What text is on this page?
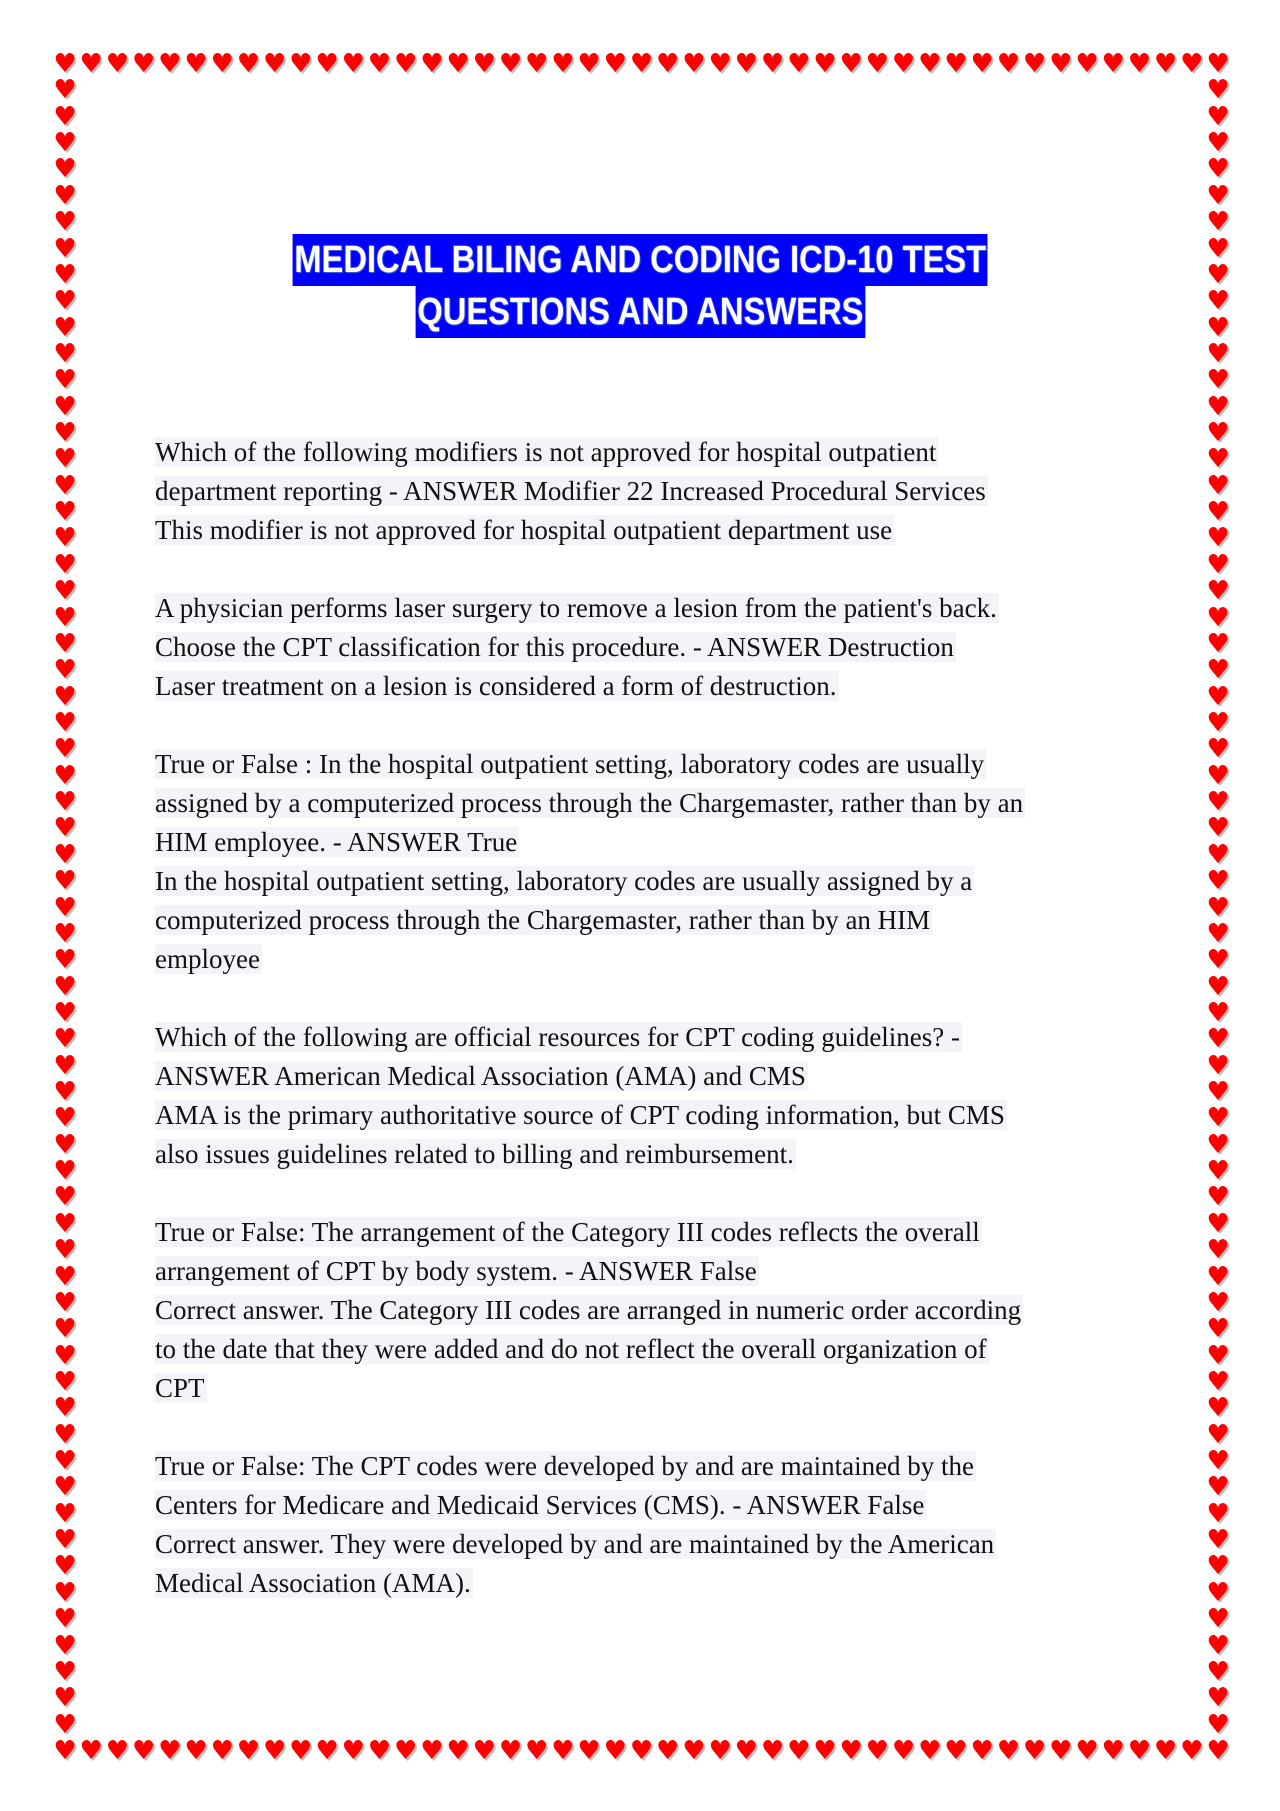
♥
♥
♥
♥
♥
♥
♥
♥
♥
♥
♥
♥
♥
♥
♥
♥
♥
♥
♥
♥
♥
♥
♥
♥
♥
♥
♥
♥
♥
♥
♥
♥
♥
♥
♥
♥
♥
♥
♥
♥
♥
♥
♥
♥
♥
♥
♥
♥
♥
♥
♥
♥
♥
♥
♥
♥
♥
♥
♥
♥
♥
♥
♥
♥
♥
♥
♥
♥
♥
♥
♥
♥
♥
♥
♥
♥
♥
♥
♥
♥
♥
♥
♥
♥
♥
♥
♥
♥
♥
♥
♥	♥
♥	♥
♥	♥
♥	♥
♥	♥
♥	♥
♥	♥
♥	♥
♥	♥
♥	♥
♥	♥
♥	♥
♥	♥
♥	♥
♥	♥
♥	♥
♥	♥
♥	♥
♥	♥
♥	♥
♥	♥
♥	♥
♥	♥
♥	♥
♥	♥
♥	♥
♥	♥
♥	♥
♥	♥
♥	♥
♥	♥
♥	♥
♥	♥
♥	♥
♥	♥
♥	♥
♥	♥
♥	♥
♥	♥
♥	♥
♥	♥
♥	♥
♥	♥
♥	♥
♥	♥
♥	♥
♥	♥
♥	♥
♥	♥
♥	♥
♥	♥
♥	♥
♥	♥
♥	♥
♥	♥
♥	♥
♥	♥
♥	♥
♥	♥
♥	♥
♥	♥
♥	♥
♥	♥
MEDICAL BILING AND CODING ICD-10 TEST
QUESTIONS AND ANSWERS
Which of the following modifiers is not approved for hospital outpatient
department reporting - ANSWER Modifier 22 Increased Procedural Services
This modifier is not approved for hospital outpatient department use
A physician performs laser surgery to remove a lesion from the patient's back.
Choose the CPT classification for this procedure. - ANSWER Destruction
Laser treatment on a lesion is considered a form of destruction.
True or False : In the hospital outpatient setting, laboratory codes are usually
assigned by a computerized process through the Chargemaster, rather than by an
HIM employee. - ANSWER True
In the hospital outpatient setting, laboratory codes are usually assigned by a
computerized process through the Chargemaster, rather than by an HIM
employee
Which of the following are official resources for CPT coding guidelines? -
ANSWER American Medical Association (AMA) and CMS
AMA is the primary authoritative source of CPT coding information, but CMS
also issues guidelines related to billing and reimbursement.
True or False: The arrangement of the Category III codes reflects the overall
arrangement of CPT by body system. - ANSWER False
Correct answer. The Category III codes are arranged in numeric order according
to the date that they were added and do not reflect the overall organization of
CPT
True or False: The CPT codes were developed by and are maintained by the
Centers for Medicare and Medicaid Services (CMS). - ANSWER False
Correct answer. They were developed by and are maintained by the American
Medical Association (AMA).
